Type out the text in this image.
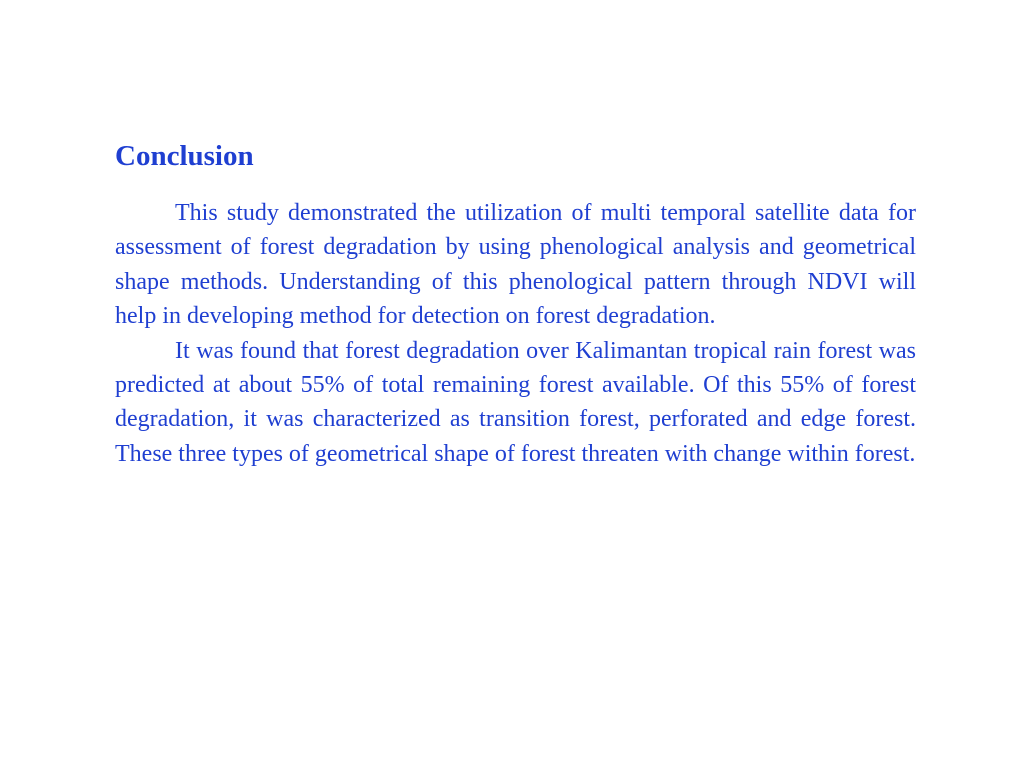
Conclusion

This study demonstrated the utilization of multi temporal satellite data for assessment of forest degradation by using phenological analysis and geometrical shape methods. Understanding of this phenological pattern through NDVI will help in developing method for detection on forest degradation.

It was found that forest degradation over Kalimantan tropical rain forest was predicted at about 55% of total remaining forest available. Of this 55% of forest degradation, it was characterized as transition forest, perforated and edge forest. These three types of geometrical shape of forest threaten with change within forest.
